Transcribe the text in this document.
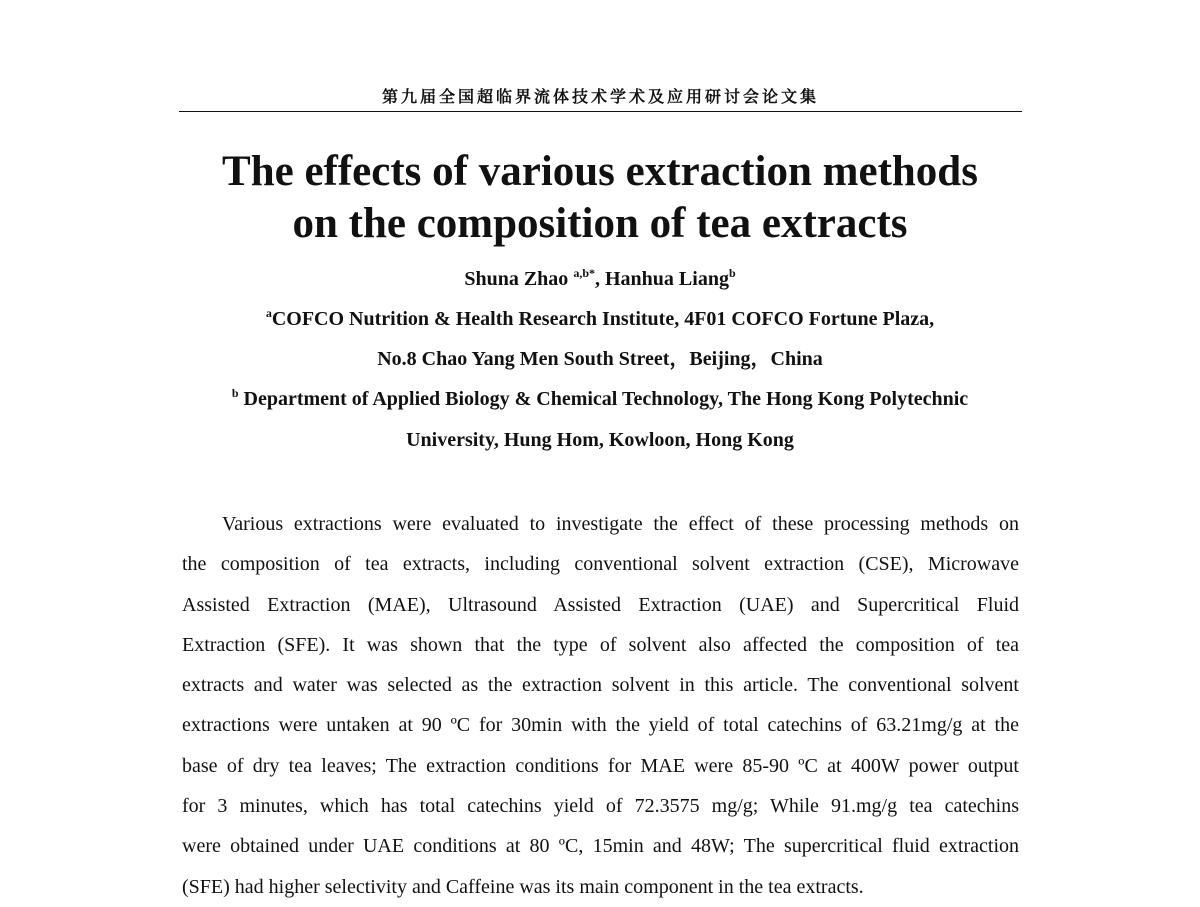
第九届全国超临界流体技术学术及应用研讨会论文集
The effects of various extraction methods
on the composition of tea extracts
Shuna Zhao $^{a,b*}$, Hanhua Liang$^b$
$^a$COFCO Nutrition & Health Research Institute, 4F01 COFCO Fortune Plaza,
No.8 Chao Yang Men South Street，Beijing，China
$^b$ Department of Applied Biology & Chemical Technology, The Hong Kong Polytechnic
University, Hung Hom, Kowloon, Hong Kong
Various extractions were evaluated to investigate the effect of these processing methods on
the composition of tea extracts, including conventional solvent extraction (CSE), Microwave
Assisted Extraction (MAE), Ultrasound Assisted Extraction (UAE) and Supercritical Fluid
Extraction (SFE). It was shown that the type of solvent also affected the composition of tea
extracts and water was selected as the extraction solvent in this article. The conventional solvent
extractions were untaken at 90 ºC for 30min with the yield of total catechins of 63.21mg/g at the
base of dry tea leaves; The extraction conditions for MAE were 85-90 ºC at 400W power output
for 3 minutes, which has total catechins yield of 72.3575 mg/g; While 91.mg/g tea catechins
were obtained under UAE conditions at 80 ºC, 15min and 48W; The supercritical fluid extraction
(SFE) had higher selectivity and Caffeine was its main component in the tea extracts.
